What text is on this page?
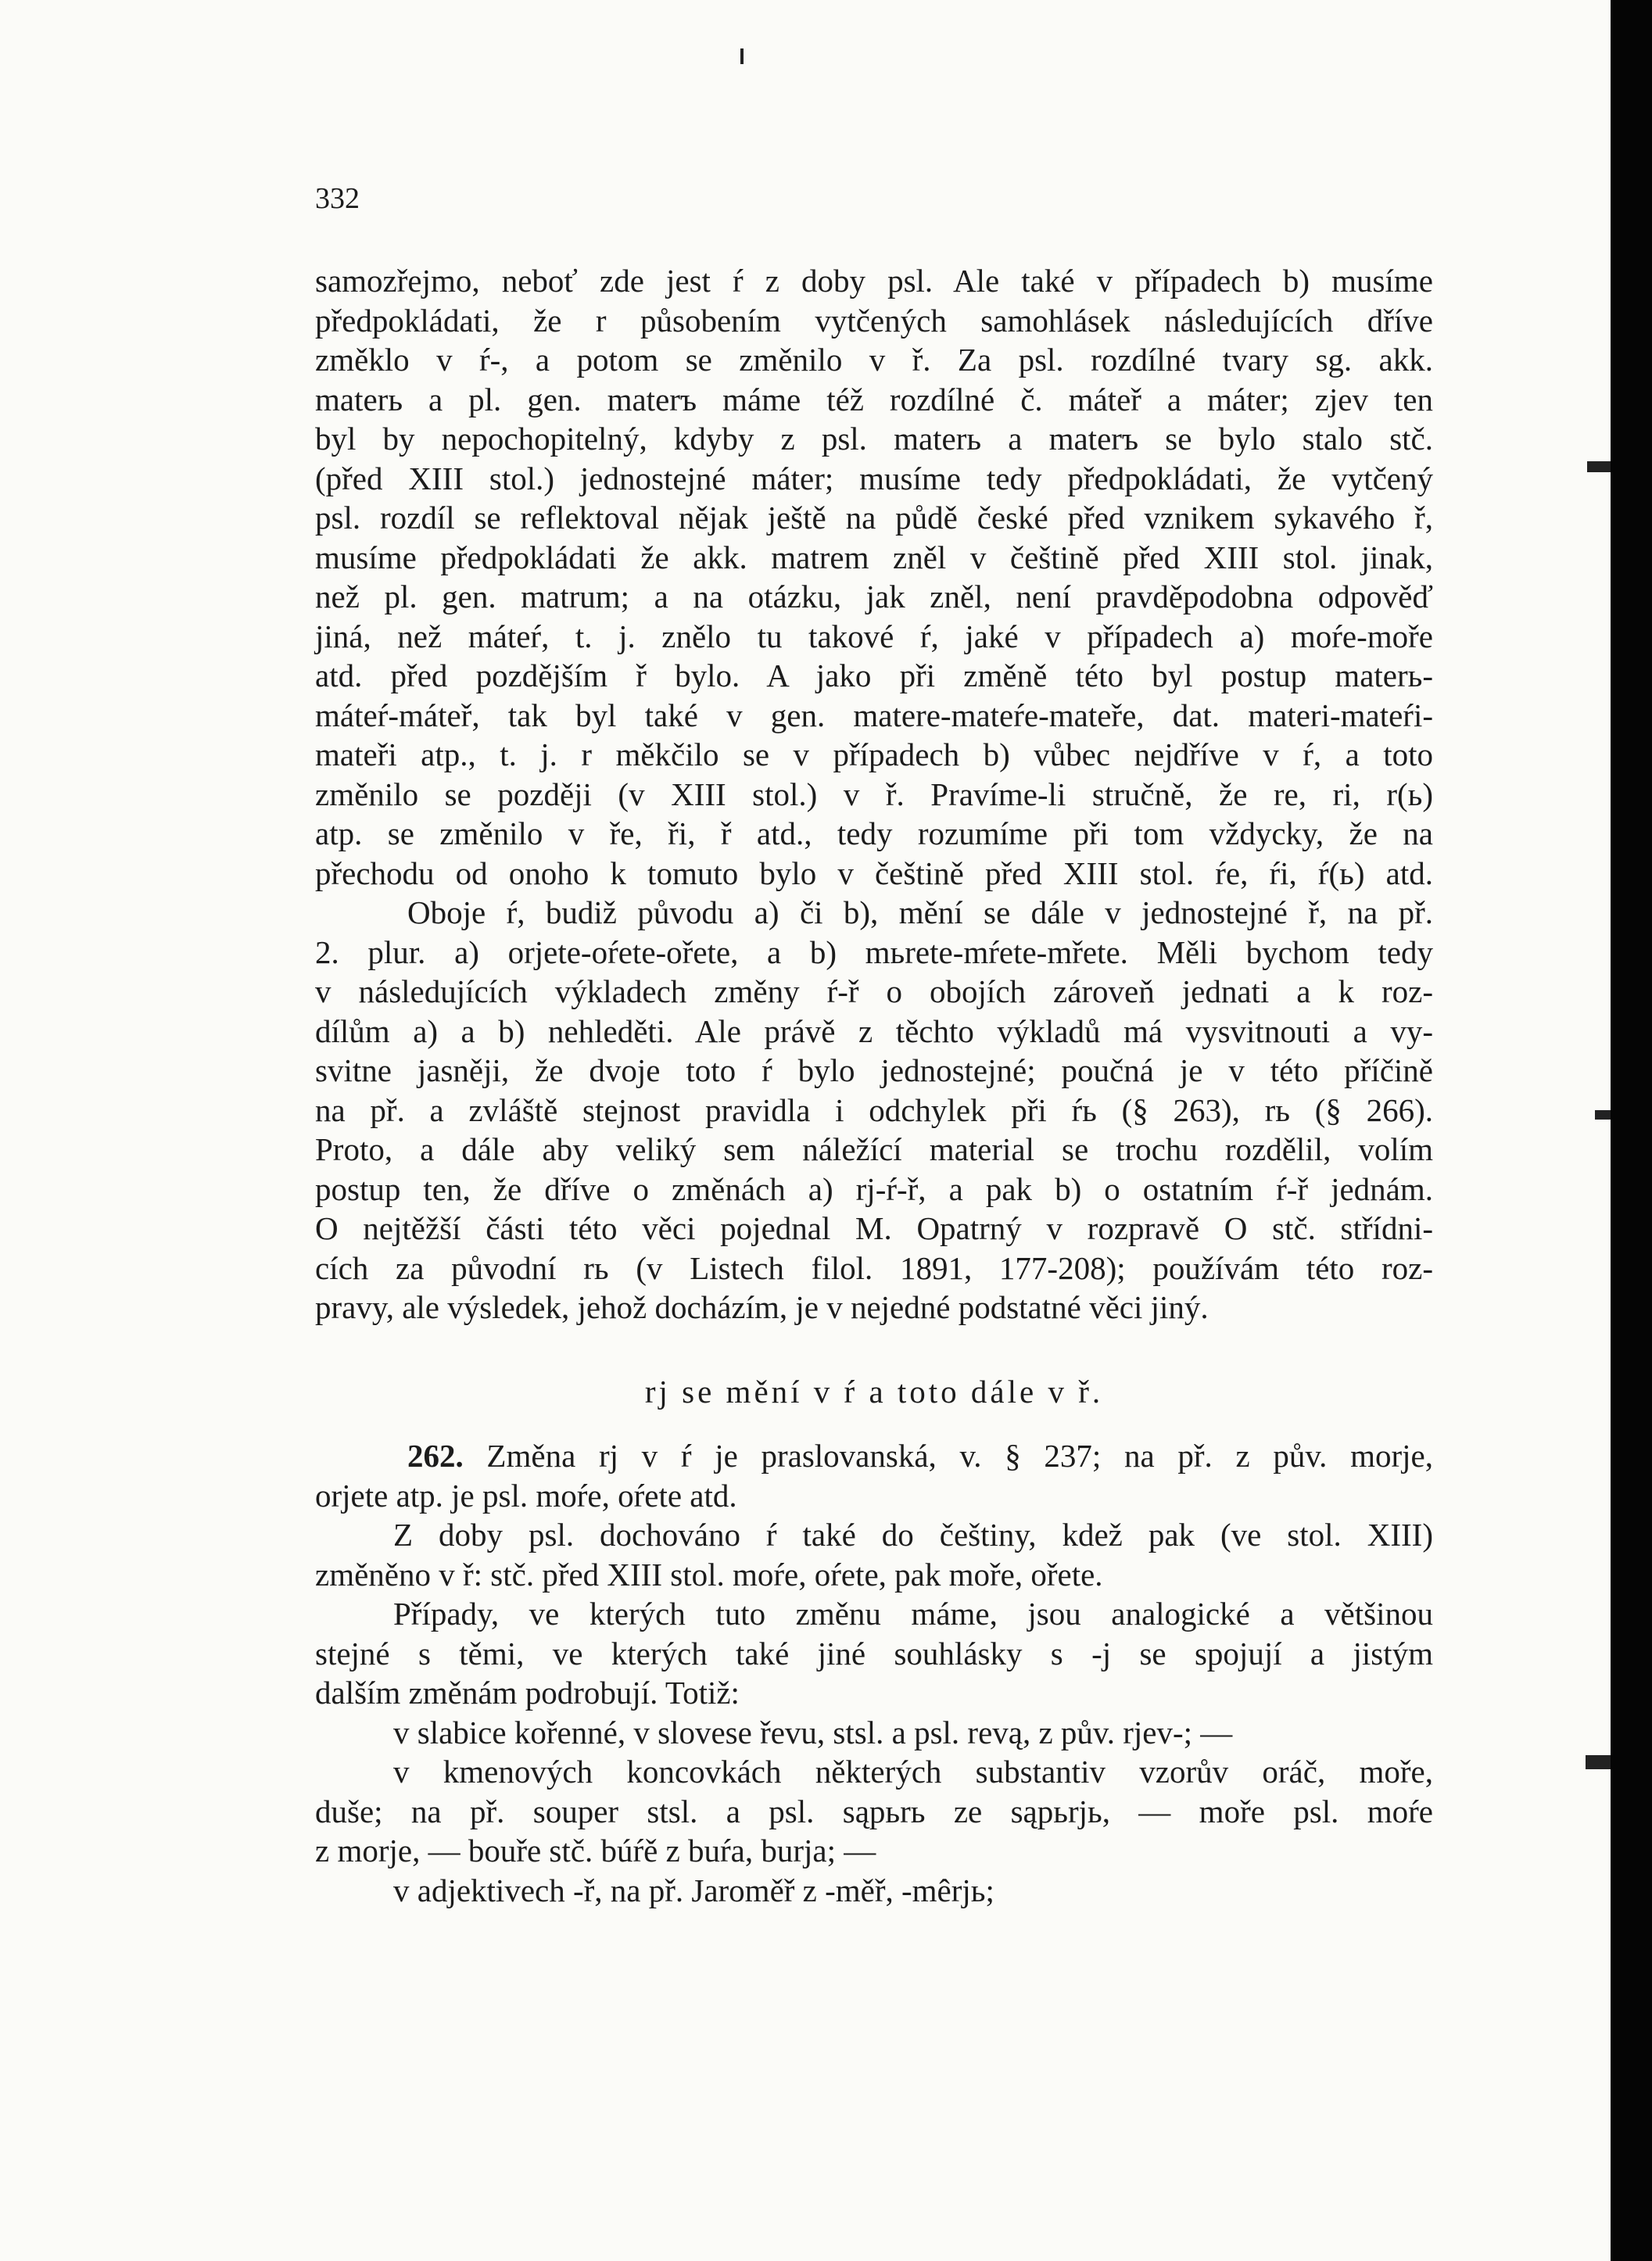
332
samozřejmo, neboť zde jest ŕ z doby psl. Ale také v případech b) musíme
předpokládati, že r působením vytčených samohlásek následujících dříve
změklo v ŕ-, a potom se změnilo v ř. Za psl. rozdílné tvary sg. akk.
materь a pl. gen. materъ máme též rozdílné č. máteř a máter; zjev ten
byl by nepochopitelný, kdyby z psl. materь a materъ se bylo stalo stč.
(před XIII stol.) jednostejné máter; musíme tedy předpokládati, že vytčený
psl. rozdíl se reflektoval nějak ještě na půdě české před vznikem sykavého ř,
musíme předpokládati že akk. matrem zněl v češtině před XIII stol. jinak,
než pl. gen. matrum; a na otázku, jak zněl, není pravděpodobna odpověď
jiná, než máteŕ, t. j. znělo tu takové ŕ, jaké v případech a) moŕe-moře
atd. před pozdějším ř bylo. A jako při změně této byl postup materь-
máteŕ-máteř, tak byl také v gen. matere-mateŕe-mateře, dat. materi-mateŕi-
mateři atp., t. j. r měkčilo se v případech b) vůbec nejdříve v ŕ, a toto
změnilo se později (v XIII stol.) v ř. Pravíme-li stručně, že re, ri, r(ь)
atp. se změnilo v ře, ři, ř atd., tedy rozumíme při tom vždycky, že na
přechodu od onoho k tomuto bylo v češtině před XIII stol. ŕe, ŕi, ŕ(ь) atd.
Oboje ŕ, budiž původu a) či b), mění se dále v jednostejné ř, na př.
2. plur. a) orjete-oŕete-ořete, a b) mьrete-mŕete-mřete. Měli bychom tedy
v následujících výkladech změny ŕ-ř o obojích zároveň jednati a k roz-
dílům a) a b) nehleděti. Ale právě z těchto výkladů má vysvitnouti a vy-
svitne jasněji, že dvoje toto ŕ bylo jednostejné; poučná je v této příčině
na př. a zvláště stejnost pravidla i odchylek při ŕь (§ 263), rь (§ 266).
Proto, a dále aby veliký sem náležící material se trochu rozdělil, volím
postup ten, že dříve o změnách a) rj-ŕ-ř, a pak b) o ostatním ŕ-ř jednám.
O nejtěžší části této věci pojednal M. Opatrný v rozpravě O stč. střídni-
cích za původní rь (v Listech filol. 1891, 177-208); používám této roz-
pravy, ale výsledek, jehož docházím, je v nejedné podstatné věci jiný.
rj se mění v ŕ a toto dále v ř.
262. Změna rj v ŕ je praslovanská, v. § 237; na př. z pův. morje,
orjete atp. je psl. moŕe, oŕete atd.
Z doby psl. dochováno ŕ také do češtiny, kdež pak (ve stol. XIII)
změněno v ř: stč. před XIII stol. moŕe, oŕete, pak moře, ořete.
Případy, ve kterých tuto změnu máme, jsou analogické a většinou
stejné s těmi, ve kterých také jiné souhlásky s -j se spojují a jistým
dalším změnám podrobují. Totiž:
v slabice kořenné, v slovese řevu, stsl. a psl. revą, z pův. rjev-; —
v kmenových koncovkách některých substantiv vzorův oráč, moře,
duše; na př. souper stsl. a psl. sąpьrь ze sąpьrjь, — moře psl. moŕe
z morje, — bouře stč. búŕě z buŕa, burja; —
v adjektivech -ř, na př. Jaroměř z -měř, -mêrjь;
